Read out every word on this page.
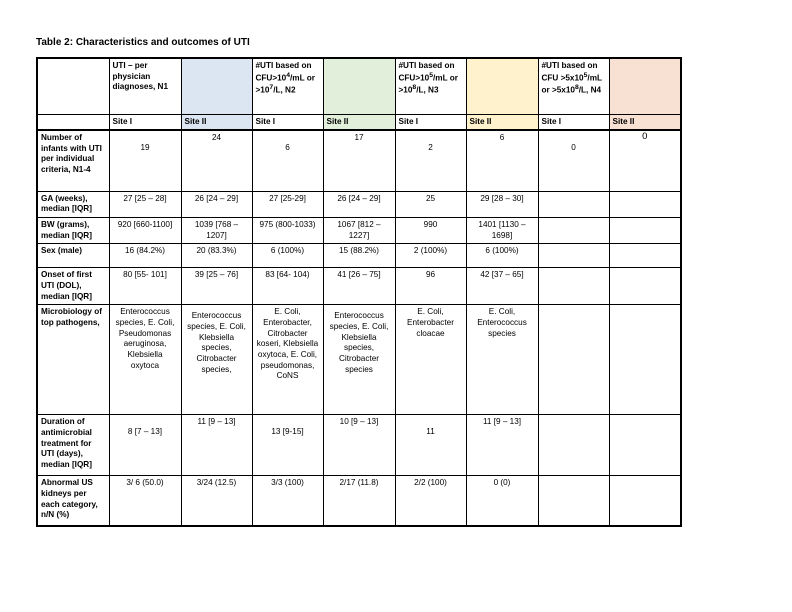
Table 2: Characteristics and outcomes of UTI
	UTI – per physician diagnoses, N1		#UTI based on $CFU>10^4/mL$ or $>10^7/L$, N2		#UTI based on $CFU>10^5/mL$ or $>10^8/L$, N3		#UTI based on CFU $>5x10^5/mL$ or $>5x10^8/L$, N4	
	Site I	Site II	Site I	Site II	Site I	Site II	Site I	Site II
Number of infants with UTI per individual criteria, N1-4	19	24	6	17	2	6	0	0
GA (weeks), median [IQR]	27 [25 – 28]	26 [24 – 29]	27 [25-29]	26 [24 – 29]	25	29 [28 – 30]		
BW (grams), median [IQR]	920 [660-1100]	1039 [768 – 1207]	975 (800-1033)	1067 [812 – 1227]	990	1401 [1130 – 1698]		
Sex (male)	16 (84.2%)	20 (83.3%)	6 (100%)	15 (88.2%)	2 (100%)	6 (100%)		
Onset of first UTI (DOL), median [IQR]	80 [55- 101]	39 [25 – 76]	83 [64- 104)	41 [26 – 75]	96	42 [37 – 65]		
Microbiology of top pathogens,	Enterococcus species, E. Coli, Pseudomonas aeruginosa, Klebsiella oxytoca	Enterococcus species, E. Coli, Klebsiella species, Citrobacter species,	E. Coli, Enterobacter, Citrobacter koseri, Klebsiella oxytoca, E. Coli, pseudomonas, CoNS	Enterococcus species, E. Coli, Klebsiella species, Citrobacter species	E. Coli, Enterobacter cloacae	E. Coli, Enterococcus species		
Duration of antimicrobial treatment for UTI (days), median [IQR]	8 [7 – 13]	11 [9 – 13]	13 [9-15]	10 [9 – 13]	11	11 [9 – 13]		
Abnormal US kidneys per each category, n/N (%)	3/ 6 (50.0)	3/24 (12.5)	3/3 (100)	2/17 (11.8)	2/2 (100)	0 (0)		
